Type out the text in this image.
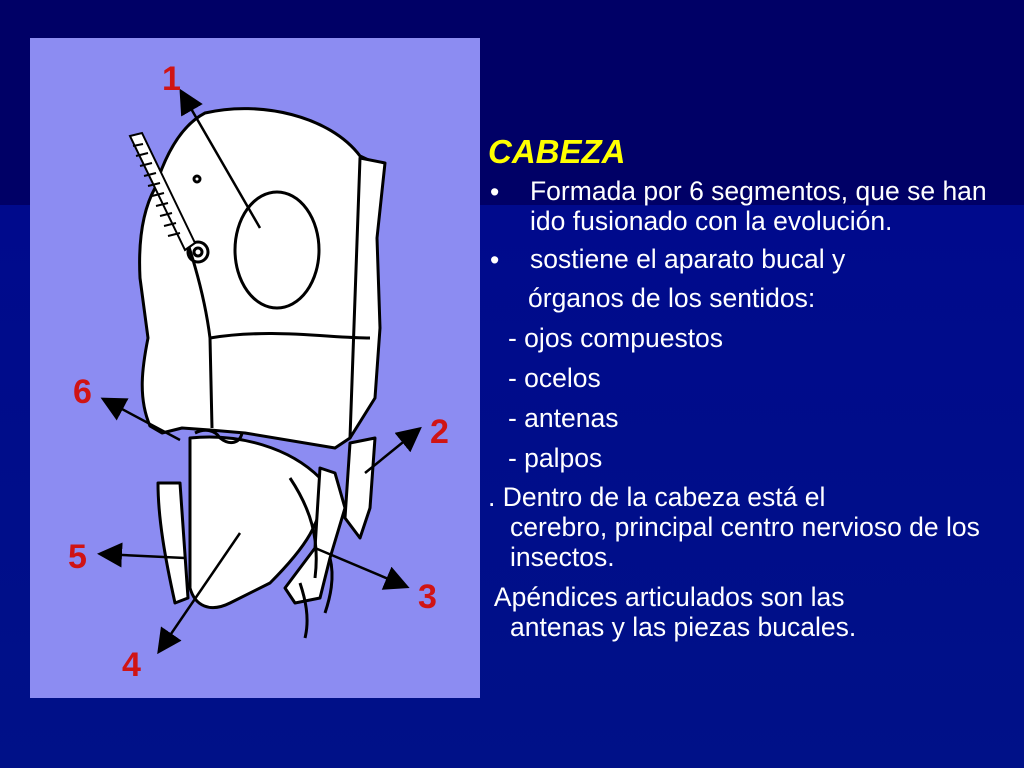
1
2
3
4
5
6
CABEZA
•	Formada por 6 segmentos, que se han ido fusionado con la evolución.
•	sostiene el aparato bucal y
órganos de los sentidos:
- ojos compuestos
- ocelos
- antenas
- palpos
. Dentro de la cabeza está el
cerebro, principal centro nervioso de los insectos.
Apéndices articulados son las
antenas y las piezas bucales.
